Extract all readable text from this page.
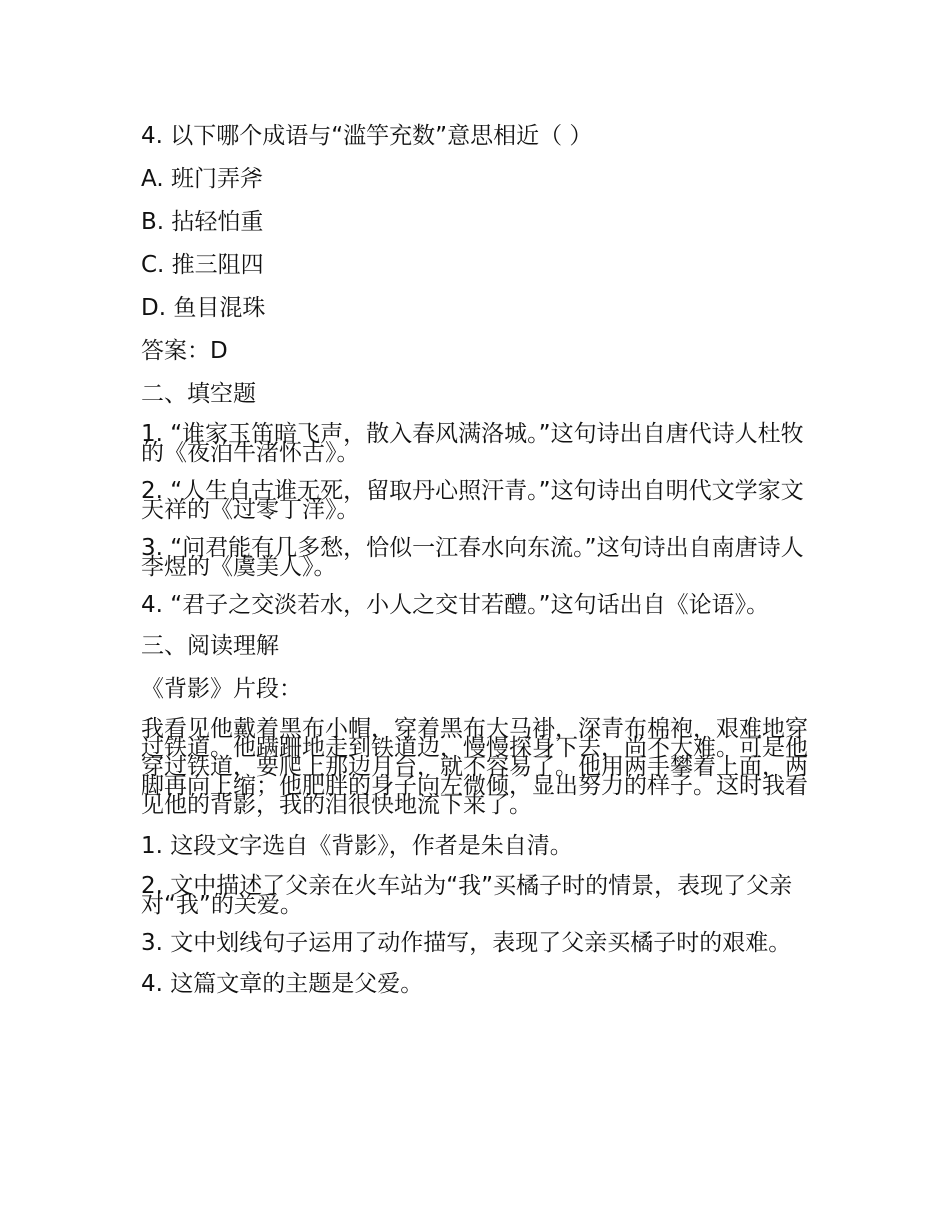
4. 以下哪个成语与“滥竽充数”意思相近（ ）

A. 班门弄斧

B. 拈轻怕重

C. 推三阻四

D. 鱼目混珠

答案：D

二、填空题

1. “谁家玉笛暗飞声，散入春风满洛城。”这句诗出自唐代诗人杜牧的《夜泊牛渚怀古》。

2. “人生自古谁无死，留取丹心照汗青。”这句诗出自明代文学家文天祥的《过零丁洋》。

3. “问君能有几多愁，恰似一江春水向东流。”这句诗出自南唐诗人李煜的《虞美人》。

4. “君子之交淡若水，小人之交甘若醴。”这句话出自《论语》。

三、阅读理解

《背影》片段：

我看见他戴着黑布小帽，穿着黑布大马褂，深青布棉袍，艰难地穿过铁道。他蹒跚地走到铁道边，慢慢探身下去，尚不大难。可是他穿过铁道，要爬上那边月台，就不容易了。他用两手攀着上面，两脚再向上缩；他肥胖的身子向左微倾，显出努力的样子。这时我看见他的背影，我的泪很快地流下来了。

1. 这段文字选自《背影》，作者是朱自清。

2. 文中描述了父亲在火车站为“我”买橘子时的情景，表现了父亲对“我”的关爱。

3. 文中划线句子运用了动作描写，表现了父亲买橘子时的艰难。

4. 这篇文章的主题是父爱。
